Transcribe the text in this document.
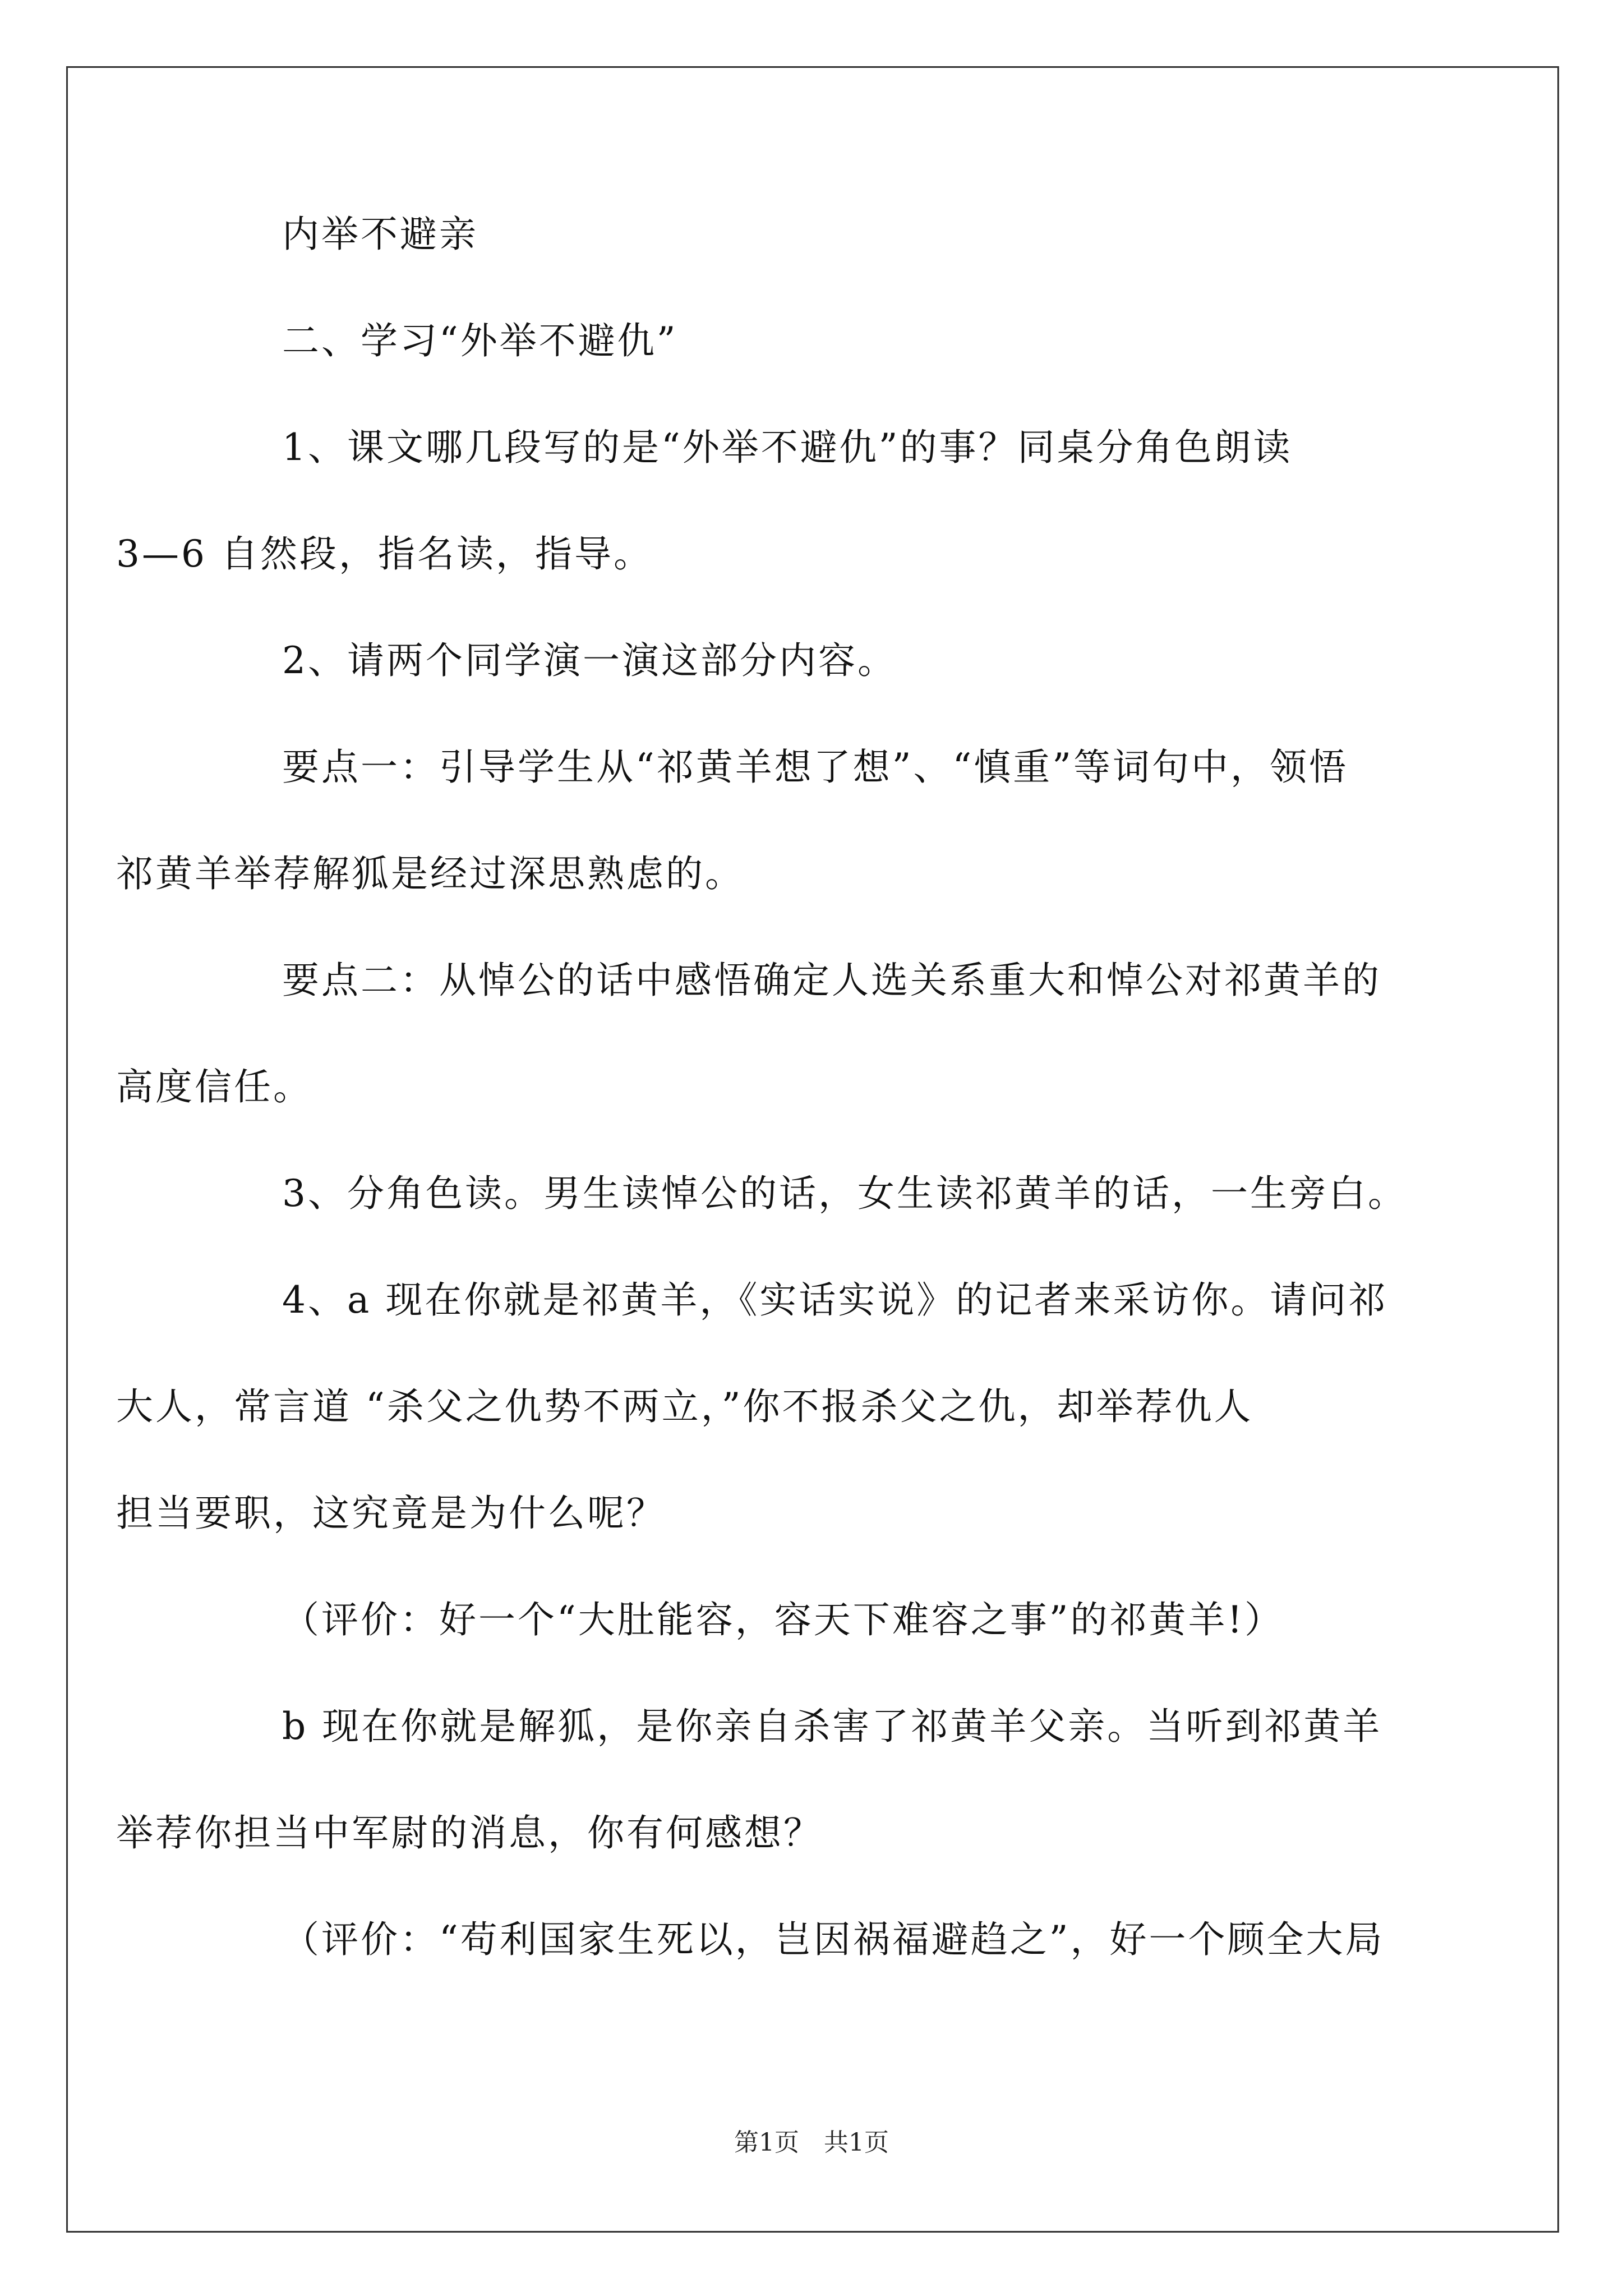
内举不避亲

二、学习“外举不避仇”

1、课文哪几段写的是“外举不避仇”的事？同桌分角色朗读
3—6 自然段，指名读，指导。

2、请两个同学演一演这部分内容。

要点一：引导学生从“祁黄羊想了想”、“慎重”等词句中，领悟
祁黄羊举荐解狐是经过深思熟虑的。

要点二：从悼公的话中感悟确定人选关系重大和悼公对祁黄羊的
高度信任。

3、分角色读。男生读悼公的话，女生读祁黄羊的话，一生旁白。

4、a 现在你就是祁黄羊，《实话实说》的记者来采访你。请问祁
大人，常言道 “杀父之仇势不两立，”你不报杀父之仇，却举荐仇人
担当要职，这究竟是为什么呢？

（评价：好一个“大肚能容，容天下难容之事”的祁黄羊!）

b 现在你就是解狐，是你亲自杀害了祁黄羊父亲。当听到祁黄羊
举荐你担当中军尉的消息，你有何感想？

（评价：“苟利国家生死以，岂因祸福避趋之”，好一个顾全大局

第1页 共1页
